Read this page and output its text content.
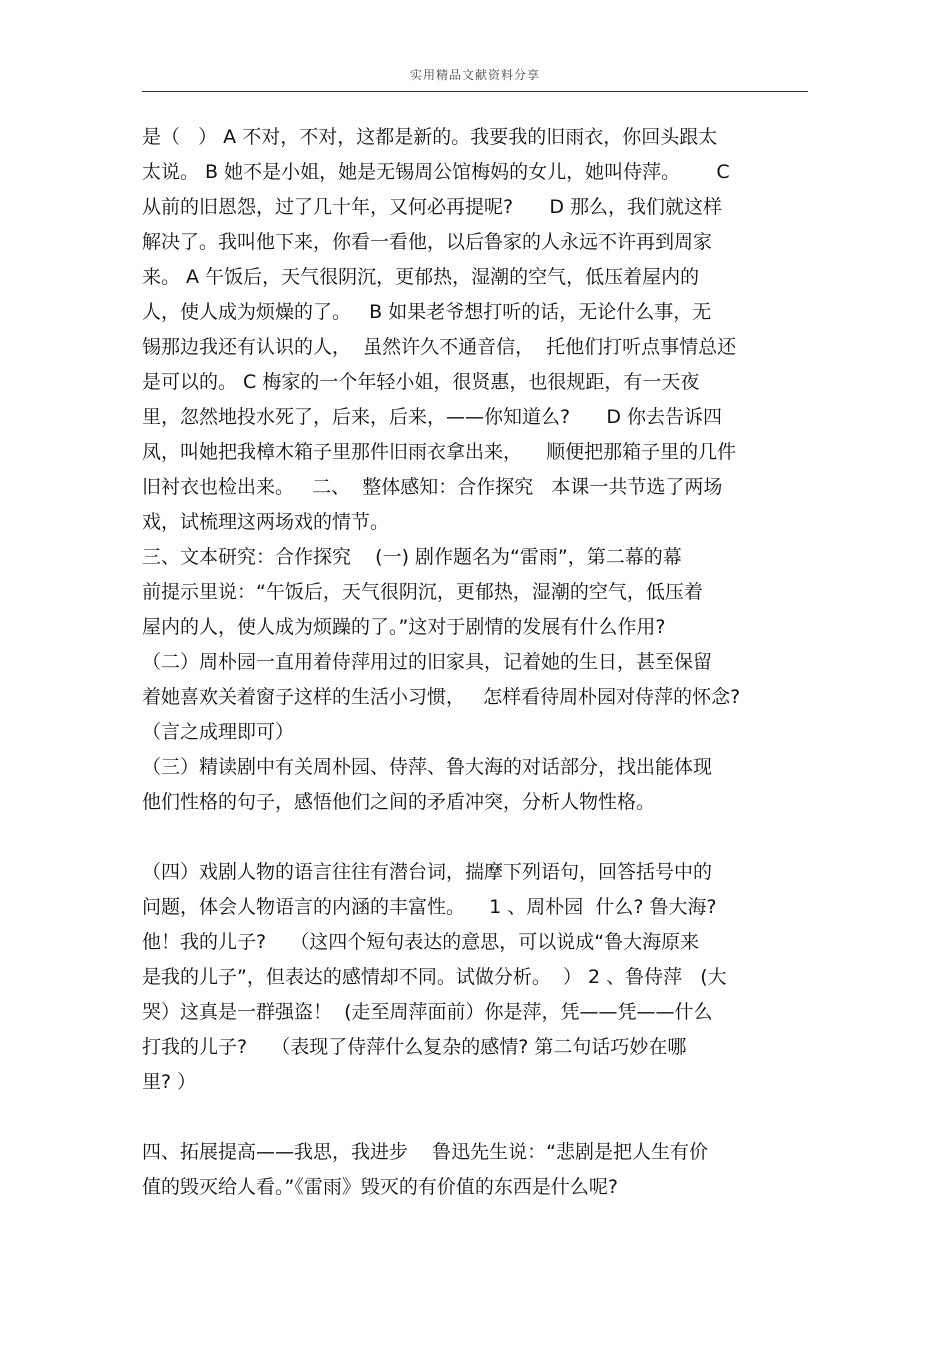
实用精品文献资料分享
是（   ） A 不对，不对，这都是新的。我要我的旧雨衣，你回头跟太
太说。 B 她不是小姐，她是无锡周公馆梅妈的女儿，她叫侍萍。      C
从前的旧恩怨，过了几十年，又何必再提呢?      D 那么，我们就这样
解决了。我叫他下来，你看一看他，以后鲁家的人永远不许再到周家
来。 A 午饭后，天气很阴沉，更郁热，湿潮的空气，低压着屋内的
人，使人成为烦燥的了。   B 如果老爷想打听的话，无论什么事，无
锡那边我还有认识的人，  虽然许久不通音信，  托他们打听点事情总还
是可以的。 C 梅家的一个年轻小姐，很贤惠，也很规距，有一天夜
里，忽然地投水死了，后来，后来，——你知道么?      D 你去告诉四
凤，叫她把我樟木箱子里那件旧雨衣拿出来，    顺便把那箱子里的几件
旧衬衣也检出来。   二、  整体感知：合作探究   本课一共节选了两场
戏，试梳理这两场戏的情节。
三、文本研究：合作探究    (一) 剧作题名为“雷雨”，第二幕的幕
前提示里说：“午饭后，天气很阴沉，更郁热，湿潮的空气，低压着
屋内的人，使人成为烦躁的了。”这对于剧情的发展有什么作用?
（二）周朴园一直用着侍萍用过的旧家具，记着她的生日，甚至保留
着她喜欢关着窗子这样的生活小习惯，   怎样看待周朴园对侍萍的怀念?
（言之成理即可）
（三）精读剧中有关周朴园、侍萍、鲁大海的对话部分，找出能体现
他们性格的句子，感悟他们之间的矛盾冲突，分析人物性格。
（四）戏剧人物的语言往往有潜台词，揣摩下列语句，回答括号中的
问题，体会人物语言的内涵的丰富性。    1 、周朴园  什么? 鲁大海?
他！我的儿子?    （这四个短句表达的意思，可以说成“鲁大海原来
是我的儿子”，但表达的感情却不同。试做分析。  ） 2 、鲁侍萍   (大
哭）这真是一群强盗！  (走至周萍面前）你是萍，凭——凭——什么
打我的儿子?    （表现了侍萍什么复杂的感情? 第二句话巧妙在哪
里? ）
四、拓展提高——我思，我进步    鲁迅先生说：“悲剧是把人生有价
值的毁灭给人看。”《雷雨》毁灭的有价值的东西是什么呢?
